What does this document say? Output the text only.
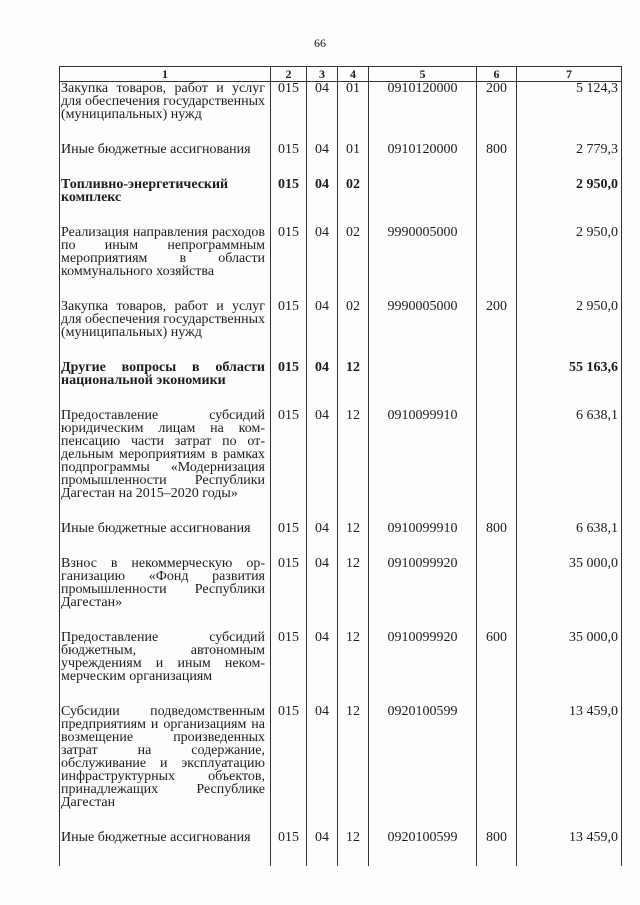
66
1	2	3	4	5	6	7
Закупка товаров, работ и услуг для обеспечения государственных (муниципальных) нужд	015	04	01	0910120000	200	5 124,3
Иные бюджетные ассигнования	015	04	01	0910120000	800	2 779,3
Топливно-энергетический комплекс	015	04	02			2 950,0
Реализация направления расходов по иным непрограммным мероприятиям в области коммунального хозяйства	015	04	02	9990005000		2 950,0
Закупка товаров, работ и услуг для обеспечения государственных (муниципальных) нужд	015	04	02	9990005000	200	2 950,0
Другие вопросы в области национальной экономики	015	04	12			55 163,6
Предоставление субсидий юридическим лицам на компенсацию части затрат по отдельным мероприятиям в рамках подпрограммы «Модернизация промышленности Республики Дагестан на 2015–2020 годы»	015	04	12	0910099910		6 638,1
Иные бюджетные ассигнования	015	04	12	0910099910	800	6 638,1
Взнос в некоммерческую организацию «Фонд развития промышленности Республики Дагестан»	015	04	12	0910099920		35 000,0
Предоставление субсидий бюджетным, автономным учреждениям и иным некоммерческим организациям	015	04	12	0910099920	600	35 000,0
Субсидии подведомственным предприятиям и организациям на возмещение произведенных затрат на содержание, обслуживание и эксплуатацию инфраструктурных объектов, принадлежащих Республике Дагестан	015	04	12	0920100599		13 459,0
Иные бюджетные ассигнования	015	04	12	0920100599	800	13 459,0
